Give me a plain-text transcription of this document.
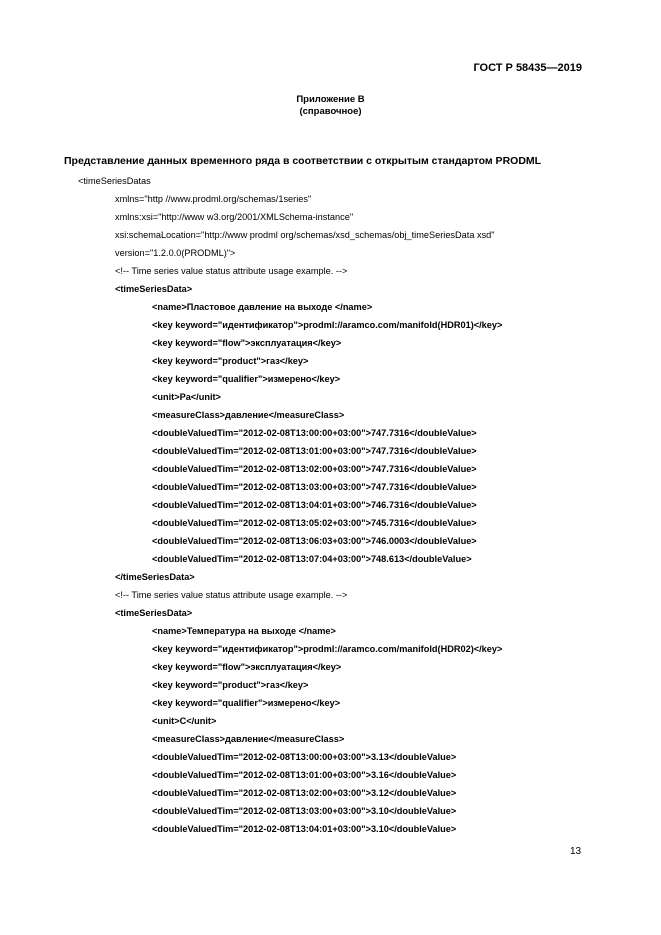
ГОСТ Р 58435—2019
Приложение В
(справочное)
Представление данных временного ряда в соответствии с открытым стандартом PRODML
<timeSeriesDatas
xmlns="http //www.prodml.org/schemas/1series"
xmlns:xsi="http://www w3.org/2001/XMLSchema-instance"
xsi:schemaLocation="http://www prodml org/schemas/xsd_schemas/obj_timeSeriesData xsd"
version="1.2.0.0(PRODML)">
<!-- Time series value status attribute usage example. -->
<timeSeriesData>
<name>Пластовое давление на выходе </name>
<key keyword="идентификатор">prodml://aramco.com/manifold(HDR01)</key>
<key keyword="flow">эксплуатация</key>
<key keyword="product">газ</key>
<key keyword="qualifier">измерено</key>
<unit>Pa</unit>
<measureClass>давление</measureClass>
<doubleValuedTim="2012-02-08T13:00:00+03:00">747.7316</doubleValue>
<doubleValuedTim="2012-02-08T13:01:00+03:00">747.7316</doubleValue>
<doubleValuedTim="2012-02-08T13:02:00+03:00">747.7316</doubleValue>
<doubleValuedTim="2012-02-08T13:03:00+03:00">747.7316</doubleValue>
<doubleValuedTim="2012-02-08T13:04:01+03:00">746.7316</doubleValue>
<doubleValuedTim="2012-02-08T13:05:02+03:00">745.7316</doubleValue>
<doubleValuedTim="2012-02-08T13:06:03+03:00">746.0003</doubleValue>
<doubleValuedTim="2012-02-08T13:07:04+03:00">748.613</doubleValue>
</timeSeriesData>
<!-- Time series value status attribute usage example. -->
<timeSeriesData>
<name>Температура на выходе </name>
<key keyword="идентификатор">prodml://aramco.com/manifold(HDR02)</key>
<key keyword="flow">эксплуатация</key>
<key keyword="product">газ</key>
<key keyword="qualifier">измерено</key>
<unit>C</unit>
<measureClass>давление</measureClass>
<doubleValuedTim="2012-02-08T13:00:00+03:00">3.13</doubleValue>
<doubleValuedTim="2012-02-08T13:01:00+03:00">3.16</doubleValue>
<doubleValuedTim="2012-02-08T13:02:00+03:00">3.12</doubleValue>
<doubleValuedTim="2012-02-08T13:03:00+03:00">3.10</doubleValue>
<doubleValuedTim="2012-02-08T13:04:01+03:00">3.10</doubleValue>
13
